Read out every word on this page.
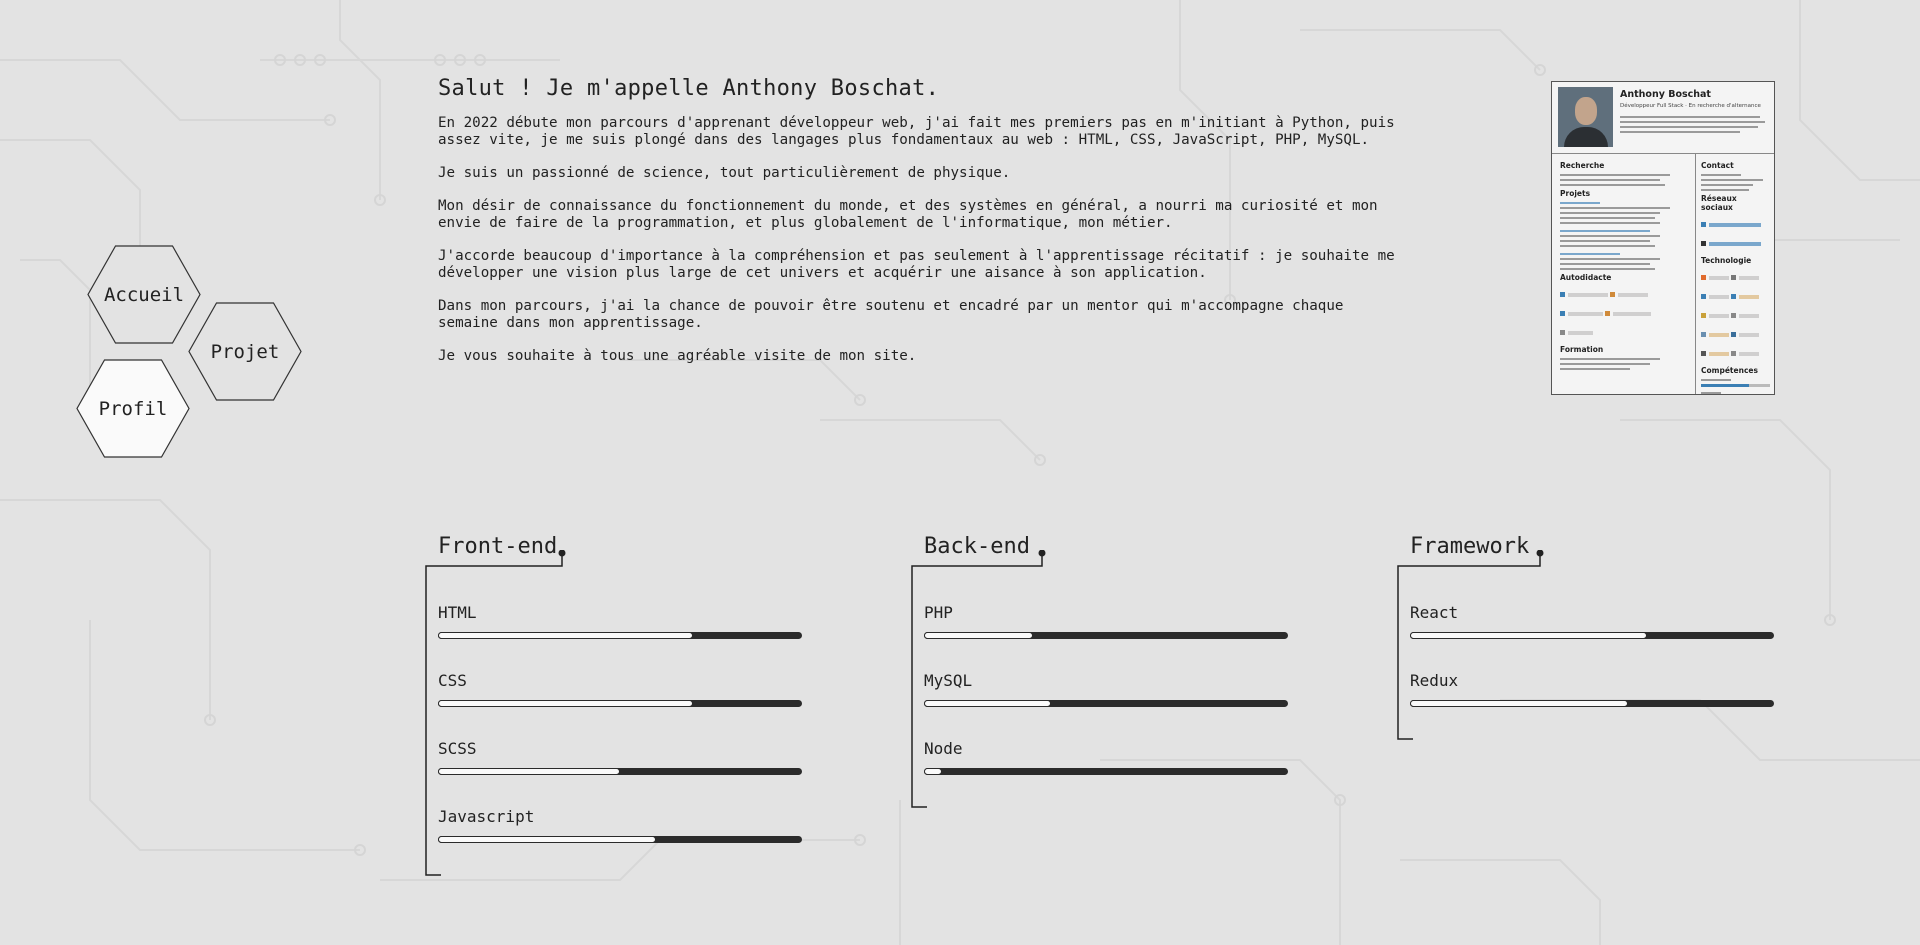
Accueil
Projet
Profil
Salut ! Je m'appelle Anthony Boschat.

En 2022 débute mon parcours d'apprenant développeur web, j'ai fait mes premiers pas en m'initiant à Python, puis assez vite, je me suis plongé dans des langages plus fondamentaux au web : HTML, CSS, JavaScript, PHP, MySQL.

Je suis un passionné de science, tout particulièrement de physique.

Mon désir de connaissance du fonctionnement du monde, et des systèmes en général, a nourri ma curiosité et mon envie de faire de la programmation, et plus globalement de l'informatique, mon métier.

J'accorde beaucoup d'importance à la compréhension et pas seulement à l'apprentissage récitatif : je souhaite me développer une vision plus large de cet univers et acquérir une aisance à son application.

Dans mon parcours, j'ai la chance de pouvoir être soutenu et encadré par un mentor qui m'accompagne chaque semaine dans mon apprentissage.

Je vous souhaite à tous une agréable visite de mon site.

Anthony Boschat
Développeur Full Stack · En recherche d'alternance
Recherche
Projets
Autodidacte
Formation
Contact
Réseaux sociaux
Technologie
Compétences
Front-end
HTML
CSS
SCSS
Javascript
Back-end
PHP
MySQL
Node
Framework
React
Redux
